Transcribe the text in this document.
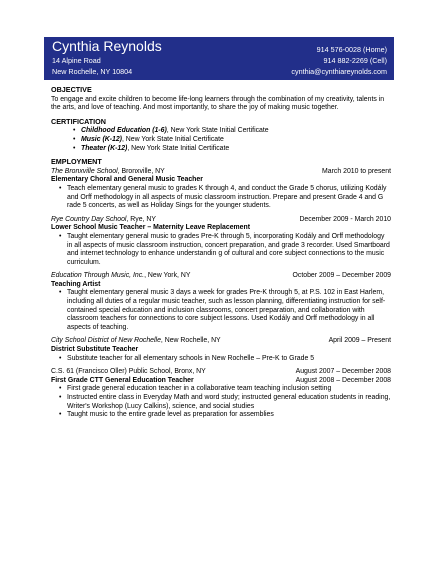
Cynthia Reynolds
14 Alpine Road
New Rochelle, NY 10804
914 576-0028 (Home)
914 882-2269 (Cell)
cynthia@cynthiareynolds.com
OBJECTIVE

To engage and excite children to become life-long learners through the combination of my creativity, talents in the arts, and love of teaching. And most importantly, to share the joy of making music together.

CERTIFICATION
• Childhood Education (1-6), New York State Initial Certificate
• Music (K-12), New York State Initial Certificate
• Theater (K-12), New York State Initial Certificate
EMPLOYMENT
The Bronxville School, Bronxville, NY	March 2010 to present
Elementary Choral and General Music Teacher
• Teach elementary general music to grades K through 4, and conduct the Grade 5 chorus, utilizing Kodály and Orff methodology in all aspects of music classroom instruction. Prepare and present Grade 4 and G rade 5 concerts, as well as Holiday Sings for the younger students.
Rye Country Day School, Rye, NY	December 2009 - March 2010
Lower School Music Teacher – Maternity Leave Replacement
• Taught elementary general music to grades Pre-K through 5, incorporating Kodály and Orff methodology in all aspects of music classroom instruction, concert preparation, and grade 3 recorder. Used Smartboard and internet technology to enhance understandin g of cultural and core subject connections to the music curriculum.
Education Through Music, Inc., New York, NY	October 2009 – December 2009
Teaching Artist
• Taught elementary general music 3 days a week for grades Pre-K through 5, at P.S. 102 in East Harlem, including all duties of a regular music teacher, such as lesson planning, differentiating instruction for self-contained special education and inclusion classrooms, concert preparation, and collaboration with classroom teachers for connections to core subject lessons. Used Kodály and Orff methodology in all aspects of teaching.
City School District of New Rochelle, New Rochelle, NY	April 2009 – Present
District Substitute Teacher
• Substitute teacher for all elementary schools in New Rochelle – Pre-K to Grade 5
C.S. 61 (Francisco Oller) Public School, Bronx, NY	August 2007 – December 2008
First Grade CTT General Education Teacher	August 2008 – December 2008
• First grade general education teacher in a collaborative team teaching inclusion setting
• Instructed entire class in Everyday Math and word study; instructed general education students in reading, Writer's Workshop (Lucy Calkins), science, and social studies
• Taught music to the entire grade level as preparation for assemblies
